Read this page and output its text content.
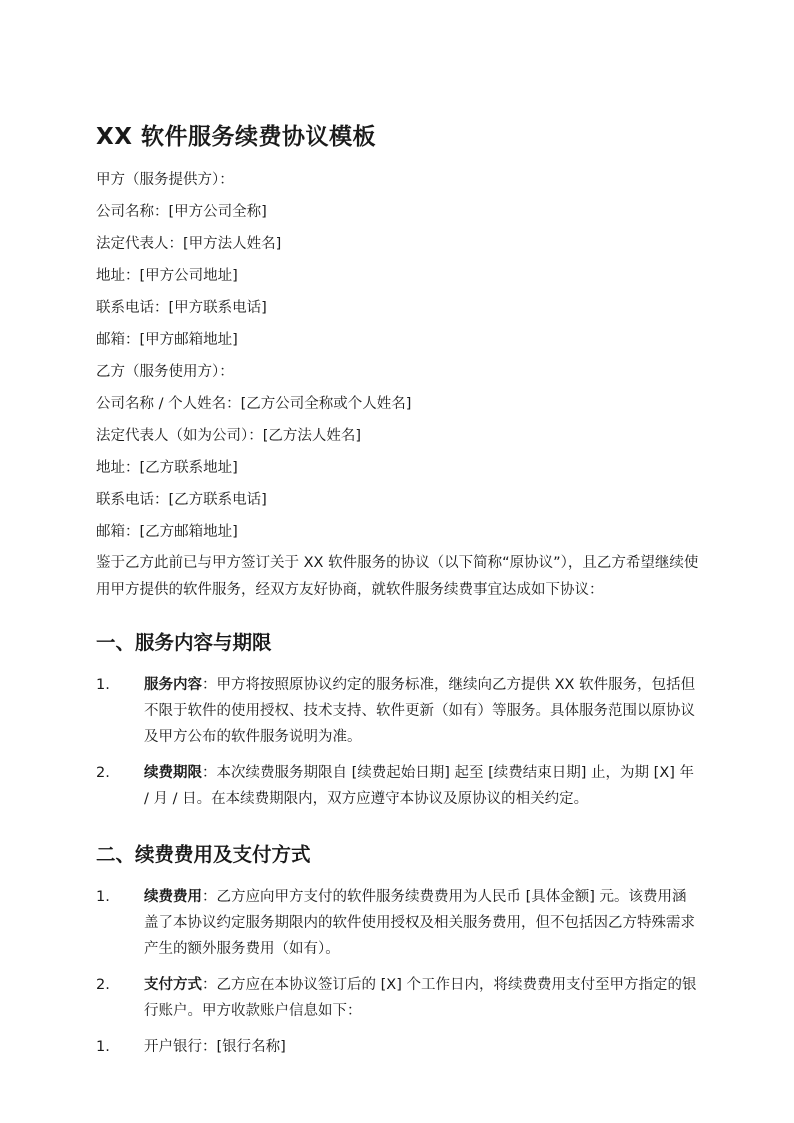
XX 软件服务续费协议模板

甲方（服务提供方）：

公司名称：[甲方公司全称]

法定代表人：[甲方法人姓名]

地址：[甲方公司地址]

联系电话：[甲方联系电话]

邮箱：[甲方邮箱地址]

乙方（服务使用方）：

公司名称 / 个人姓名：[乙方公司全称或个人姓名]

法定代表人（如为公司）：[乙方法人姓名]

地址：[乙方联系地址]

联系电话：[乙方联系电话]

邮箱：[乙方邮箱地址]

鉴于乙方此前已与甲方签订关于 XX 软件服务的协议（以下简称“原协议”），且乙方希望继续使用甲方提供的软件服务，经双方友好协商，就软件服务续费事宜达成如下协议：

一、服务内容与期限
1.	服务内容：甲方将按照原协议约定的服务标准，继续向乙方提供 XX 软件服务，包括但不限于软件的使用授权、技术支持、软件更新（如有）等服务。具体服务范围以原协议及甲方公布的软件服务说明为准。
2.	续费期限：本次续费服务期限自 [续费起始日期] 起至 [续费结束日期] 止，为期 [X] 年 / 月 / 日。在本续费期限内，双方应遵守本协议及原协议的相关约定。
二、续费费用及支付方式
1.	续费费用：乙方应向甲方支付的软件服务续费费用为人民币 [具体金额] 元。该费用涵盖了本协议约定服务期限内的软件使用授权及相关服务费用，但不包括因乙方特殊需求产生的额外服务费用（如有）。
2.	支付方式：乙方应在本协议签订后的 [X] 个工作日内，将续费费用支付至甲方指定的银行账户。甲方收款账户信息如下：
1.	开户银行：[银行名称]
